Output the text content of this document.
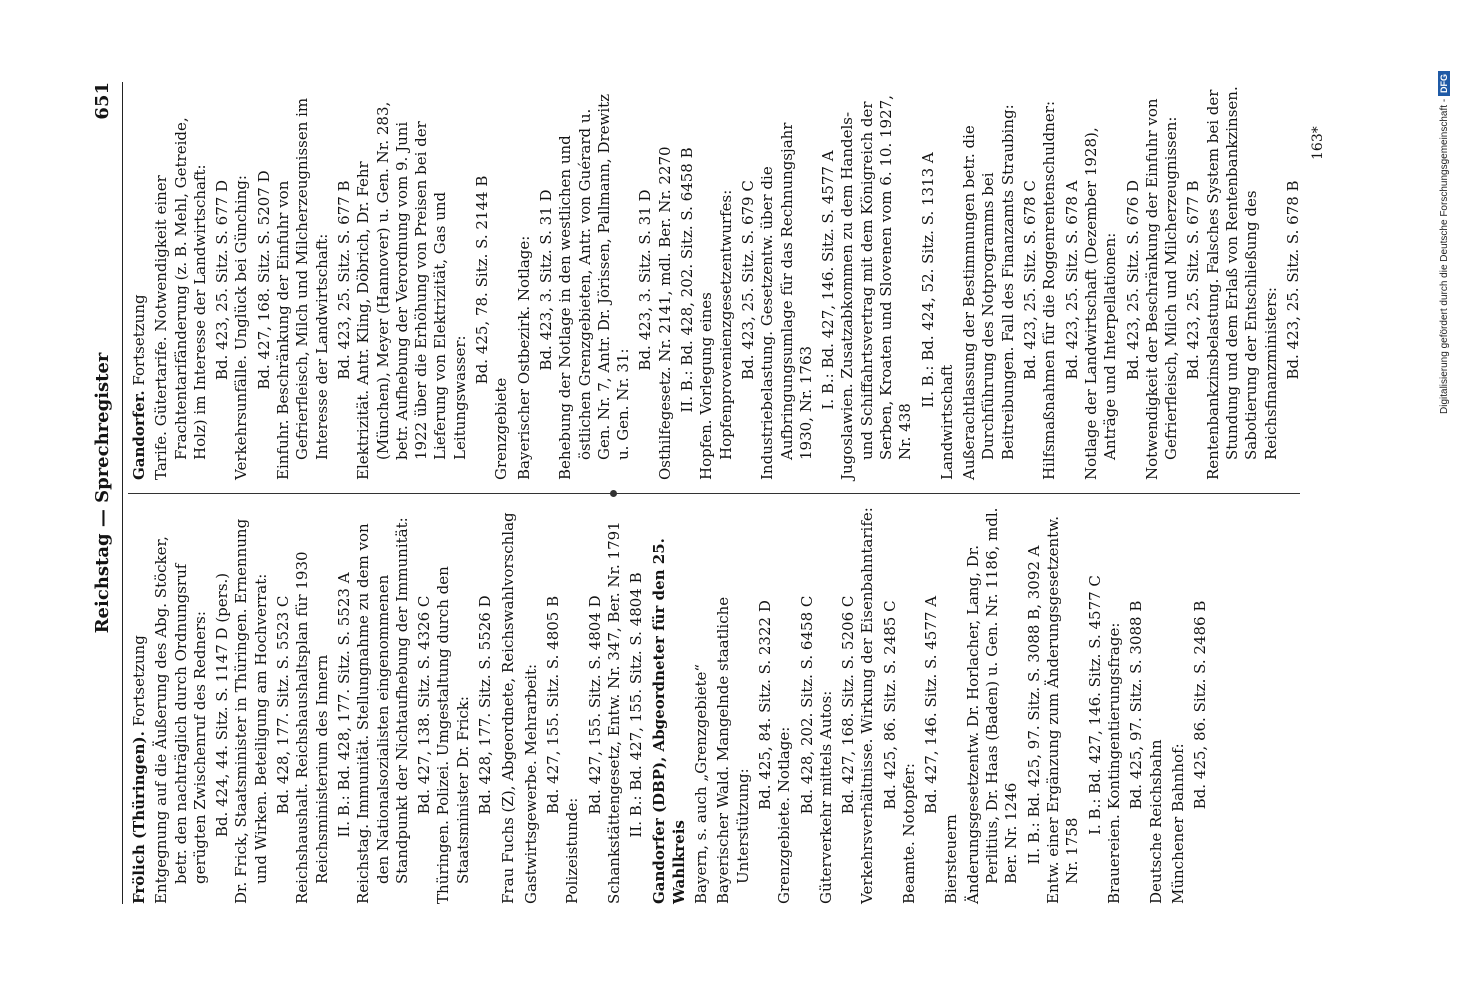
Reichstag — Sprechregister
651
Frölich (Thüringen). Fortsetzung Entgegnung auf die Äußerung des Abg. Stöcker, betr. den nachträglich durch Ordnungsruf gerügten Zwischenruf des Redners: Bd. 424, 44. Sitz. S. 1147 D (pers.) Dr. Frick, Staatsminister in Thüringen. Ernennung und Wirken. Beteiligung am Hochverrat: Bd. 428, 177. Sitz. S. 5523 C Reichshaushalt. Reichshaushaltsplan für 1930 Reichsministerium des Innern II. B.: Bd. 428, 177. Sitz. S. 5523 A Reichstag. Immunität. Stellungnahme zu dem von den Nationalsozialisten eingenommenen Standpunkt der Nichtaufhebung der Immunität: Bd. 427, 138. Sitz. S. 4326 C Thüringen. Polizei. Umgestaltung durch den Staatsminister Dr. Frick: Bd. 428, 177. Sitz. S. 5526 D Frau Fuchs (Z), Abgeordnete, Reichswahlvorschlag Gastwirtsgewerbe. Mehrarbeit: Bd. 427, 155. Sitz. S. 4805 B
Polizeistunde:
Bd. 427, 155. Sitz. S. 4804 D Schankstättengesetz, Entw. Nr. 347, Ber. Nr. 1791 II. B.: Bd. 427, 155. Sitz. S. 4804 B Gandorfer (DBP), Abgeordneter für den 25. Wahlkreis Bayern, s. auch „Grenzgebiete“ Bayerischer Wald. Mangelnde staatliche Unterstützung:
Bd. 425, 84. Sitz. S. 2322 D
Grenzgebiete. Notlage:
Bd. 428, 202. Sitz. S. 6458 C Güterverkehr mittels Autos: Bd. 427, 168. Sitz. S. 5206 C Verkehrsverhältnisse. Wirkung der Eisenbahntarife: Bd. 425, 86. Sitz. S. 2485 C
Beamte. Notopfer:
Bd. 427, 146. Sitz. S. 4577 A
Biersteuern Änderungsgesetzentw. Dr. Horlacher, Lang, Dr. Perlitius, Dr. Haas (Baden) u. Gen. Nr. 1186, mdl. Ber. Nr. 1246 II. B.: Bd. 425, 97. Sitz. S. 3088 B, 3092 A Entw. einer Ergänzung zum Änderungsgesetzentw. Nr. 1758
I. B.: Bd. 427, 146. Sitz. S. 4577 C Brauereien. Kontingentierungsfrage: Bd. 425, 97. Sitz. S. 3088 B
Deutsche Reichsbahn Münchener Bahnhof:
Bd. 425, 86. Sitz. S. 2486 B
Gandorfer. Fortsetzung Tarife. Gütertarife. Notwendigkeit einer Frachtentarifänderung (z. B. Mehl, Getreide, Holz) im Interesse der Landwirtschaft: Bd. 423, 25. Sitz. S. 677 D Verkehrsunfälle. Unglück bei Günching: Bd. 427, 168. Sitz. S. 5207 D Einfuhr. Beschränkung der Einfuhr von Gefrierfleisch, Milch und Milcherzeugnissen im Interesse der Landwirtschaft: Bd. 423, 25. Sitz. S. 677 B Elektrizität. Antr. Kling, Döbrich, Dr. Fehr (München), Meyer (Hannover) u. Gen. Nr. 283, betr. Aufhebung der Verordnung vom 9. Juni 1922 über die Erhöhung von Preisen bei der Lieferung von Elektrizität, Gas und Leitungswasser:
Bd. 425, 78. Sitz. S. 2144 B
Grenzgebiete Bayerischer Ostbezirk. Notlage: Bd. 423, 3. Sitz. S. 31 D Behebung der Notlage in den westlichen und östlichen Grenzgebieten, Antr. von Guérard u. Gen. Nr. 7, Antr. Dr. Jörissen, Pallmann, Drewitz u. Gen. Nr. 31:
Bd. 423, 3. Sitz. S. 31 D Osthilfegesetz. Nr. 2141, mdl. Ber. Nr. 2270 II. B.: Bd. 428, 202. Sitz. S. 6458 B Hopfen. Vorlegung eines Hopfenprovenienzgesetzentwurfes: Bd. 423, 25. Sitz. S. 679 C Industriebelastung. Gesetzentw. über die Aufbringungsumlage für das Rechnungsjahr 1930, Nr. 1763 I. B.: Bd. 427, 146. Sitz. S. 4577 A Jugoslawien. Zusatzabkommen zu dem Handels- und Schiffahrtsvertrag mit dem Königreich der Serben, Kroaten und Slovenen vom 6. 10. 1927, Nr. 438
II. B.: Bd. 424, 52. Sitz. S. 1313 A
Landwirtschaft Außerachtlassung der Bestimmungen betr. die Durchführung des Notprogramms bei Beitreibungen. Fall des Finanzamts Straubing: Bd. 423, 25. Sitz. S. 678 C Hilfsmaßnahmen für die Roggenrentenschuldner: Bd. 423, 25. Sitz. S. 678 A Notlage der Landwirtschaft (Dezember 1928), Anträge und Interpellationen: Bd. 423, 25. Sitz. S. 676 D Notwendigkeit der Beschränkung der Einfuhr von Gefrierfleisch, Milch und Milcherzeugnissen: Bd. 423, 25. Sitz. S. 677 B Rentenbankzinsbelastung. Falsches System bei der Stundung und dem Erlaß von Rentenbankzinsen. Sabotierung der Entschließung des Reichsfinanzministers: Bd. 423, 25. Sitz. S. 678 B
163*	Digitalisierung gefördert durch die Deutsche Forschungsgemeinschaft - DFG
